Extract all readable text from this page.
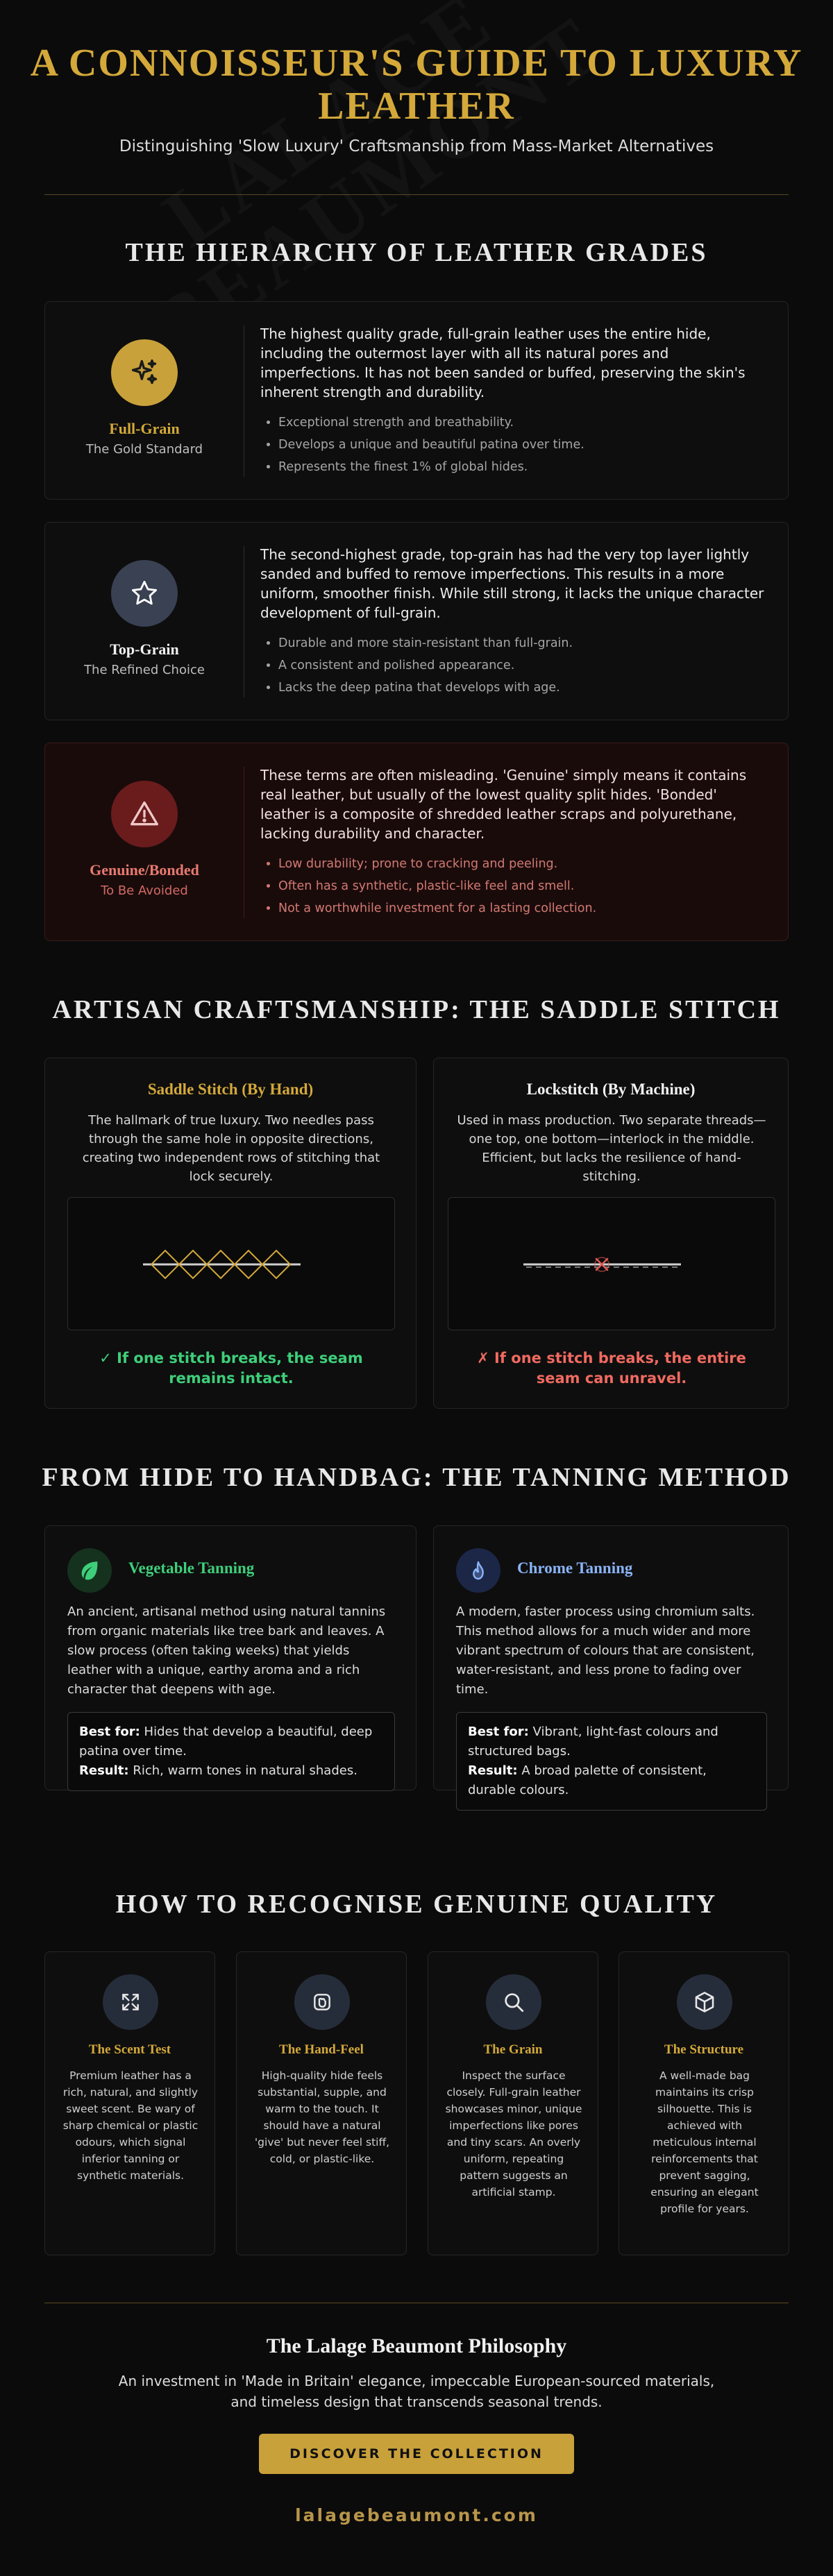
A CONNOISSEUR'S GUIDE TO LUXURY LEATHER
Distinguishing 'Slow Luxury' Craftsmanship from Mass-Market Alternatives
THE HIERARCHY OF LEATHER GRADES
Full-Grain
The Gold Standard

The highest quality grade, full-grain leather uses the entire hide, including the outermost layer with all its natural pores and imperfections. It has not been sanded or buffed, preserving the skin's inherent strength and durability.

• Exceptional strength and breathability.
• Develops a unique and beautiful patina over time.
• Represents the finest 1% of global hides.
Top-Grain
The Refined Choice

The second-highest grade, top-grain has had the very top layer lightly sanded and buffed to remove imperfections. This results in a more uniform, smoother finish. While still strong, it lacks the unique character development of full-grain.

• Durable and more stain-resistant than full-grain.
• A consistent and polished appearance.
• Lacks the deep patina that develops with age.
Genuine/Bonded
To Be Avoided

These terms are often misleading. 'Genuine' simply means it contains real leather, but usually of the lowest quality split hides. 'Bonded' leather is a composite of shredded leather scraps and polyurethane, lacking durability and character.

• Low durability; prone to cracking and peeling.
• Often has a synthetic, plastic-like feel and smell.
• Not a worthwhile investment for a lasting collection.
ARTISAN CRAFTSMANSHIP: THE SADDLE STITCH
Saddle Stitch (By Hand)
The hallmark of true luxury. Two needles pass through the same hole in opposite directions, creating two independent rows of stitching that lock securely.
✓ If one stitch breaks, the seam remains intact.
Lockstitch (By Machine)
Used in mass production. Two separate threads—one top, one bottom—interlock in the middle. Efficient, but lacks the resilience of hand-stitching.
✗ If one stitch breaks, the entire seam can unravel.
FROM HIDE TO HANDBAG: THE TANNING METHOD
Vegetable Tanning
An ancient, artisanal method using natural tannins from organic materials like tree bark and leaves. A slow process (often taking weeks) that yields leather with a unique, earthy aroma and a rich character that deepens with age.
Best for: Hides that develop a beautiful, deep patina over time.
Result: Rich, warm tones in natural shades.
Chrome Tanning
A modern, faster process using chromium salts. This method allows for a much wider and more vibrant spectrum of colours that are consistent, water-resistant, and less prone to fading over time.
Best for: Vibrant, light-fast colours and structured bags.
Result: A broad palette of consistent, durable colours.
HOW TO RECOGNISE GENUINE QUALITY
The Scent Test
Premium leather has a rich, natural, and slightly sweet scent. Be wary of sharp chemical or plastic odours, which signal inferior tanning or synthetic materials.
The Hand-Feel
High-quality hide feels substantial, supple, and warm to the touch. It should have a natural 'give' but never feel stiff, cold, or plastic-like.
The Grain
Inspect the surface closely. Full-grain leather showcases minor, unique imperfections like pores and tiny scars. An overly uniform, repeating pattern suggests an artificial stamp.
The Structure
A well-made bag maintains its crisp silhouette. This is achieved with meticulous internal reinforcements that prevent sagging, ensuring an elegant profile for years.
The Lalage Beaumont Philosophy
An investment in 'Made in Britain' elegance, impeccable European-sourced materials, and timeless design that transcends seasonal trends.
DISCOVER THE COLLECTION
lalagebeaumont.com
